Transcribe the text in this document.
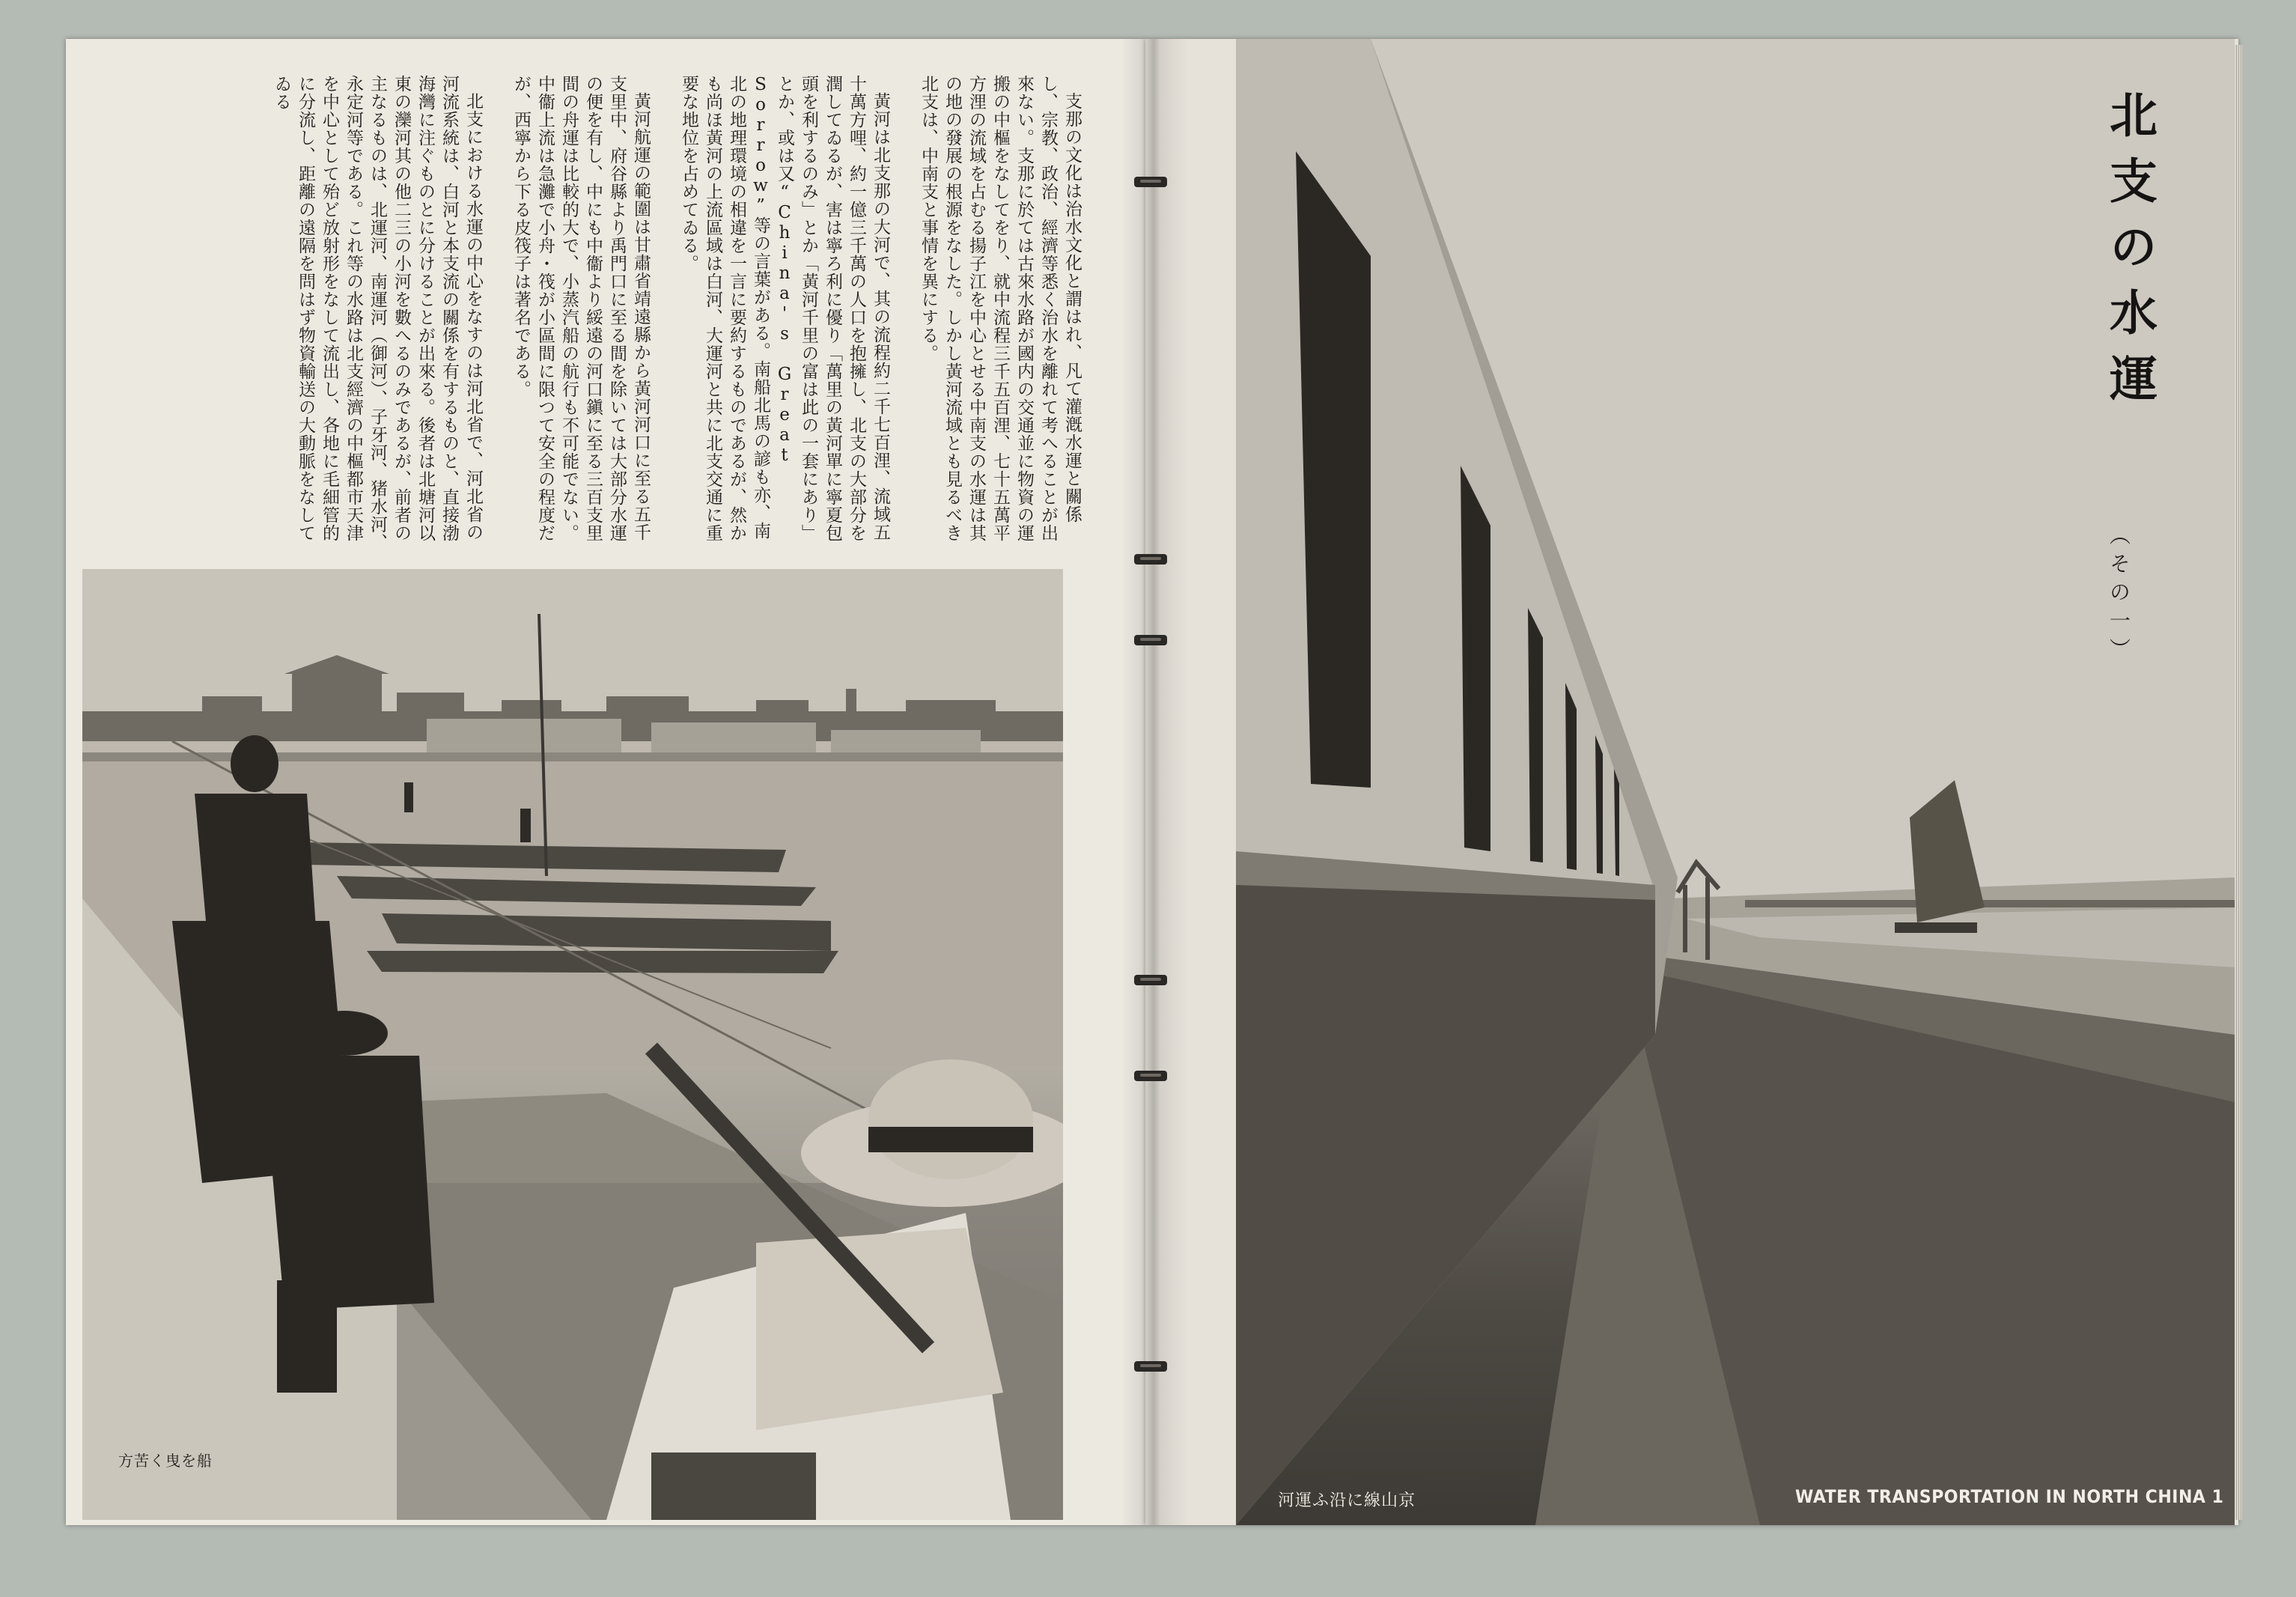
支那の文化は治水文化と謂はれ、凡て灌漑水運と關係し、宗教、政治、經濟等悉く治水を離れて考へることが出來ない。支那に於ては古來水路が國内の交通並に物資の運搬の中樞をなしてをり、就中流程三千五百浬、七十五萬平方浬の流域を占むる揚子江を中心とせる中南支の水運は其の地の發展の根源をなした。しかし黃河流域とも見るべき北支は、中南支と事情を異にする。

黃河は北支那の大河で、其の流程約二千七百浬、流域五十萬方哩、約一億三千萬の人口を抱擁し、北支の大部分を潤してゐるが、害は寧ろ利に優り「萬里の黃河單に寧夏包頭を利するのみ」とか「黃河千里の富は此の一套にあり」とか、或は又“China's Great Sorrow”等の言葉がある。南船北馬の諺も亦、南北の地理環境の相違を一言に要約するものであるが、然かも尚ほ黃河の上流區域は白河、大運河と共に北支交通に重要な地位を占めてゐる。

黃河航運の範圍は甘肅省靖遠縣から黃河河口に至る五千支里中、府谷縣より禹門口に至る間を除いては大部分水運の便を有し、中にも中衞より綏遠の河口鎭に至る三百支里間の舟運は比較的大で、小蒸汽船の航行も不可能でない。中衞上流は急灘で小舟・筏が小區間に限つて安全の程度だが、西寧から下る皮筏子は著名である。

北支における水運の中心をなすのは河北省で、河北省の河流系統は、白河と本支流の關係を有するものと、直接渤海灣に注ぐものとに分けることが出來る。後者は北塘河以東の灤河其の他二三の小河を數へるのみであるが、前者の主なるものは、北運河、南運河（御河）、子牙河、猪水河、永定河等である。これ等の水路は北支經濟の中樞都市天津を中心として殆ど放射形をなして流出し、各地に毛細管的に分流し、距離の遠隔を問はず物資輸送の大動脈をなしてゐる

方苦く曳を船
河運ふ沿に線山京
北支の水運
（その一）
WATER TRANSPORTATION IN NORTH CHINA 1
